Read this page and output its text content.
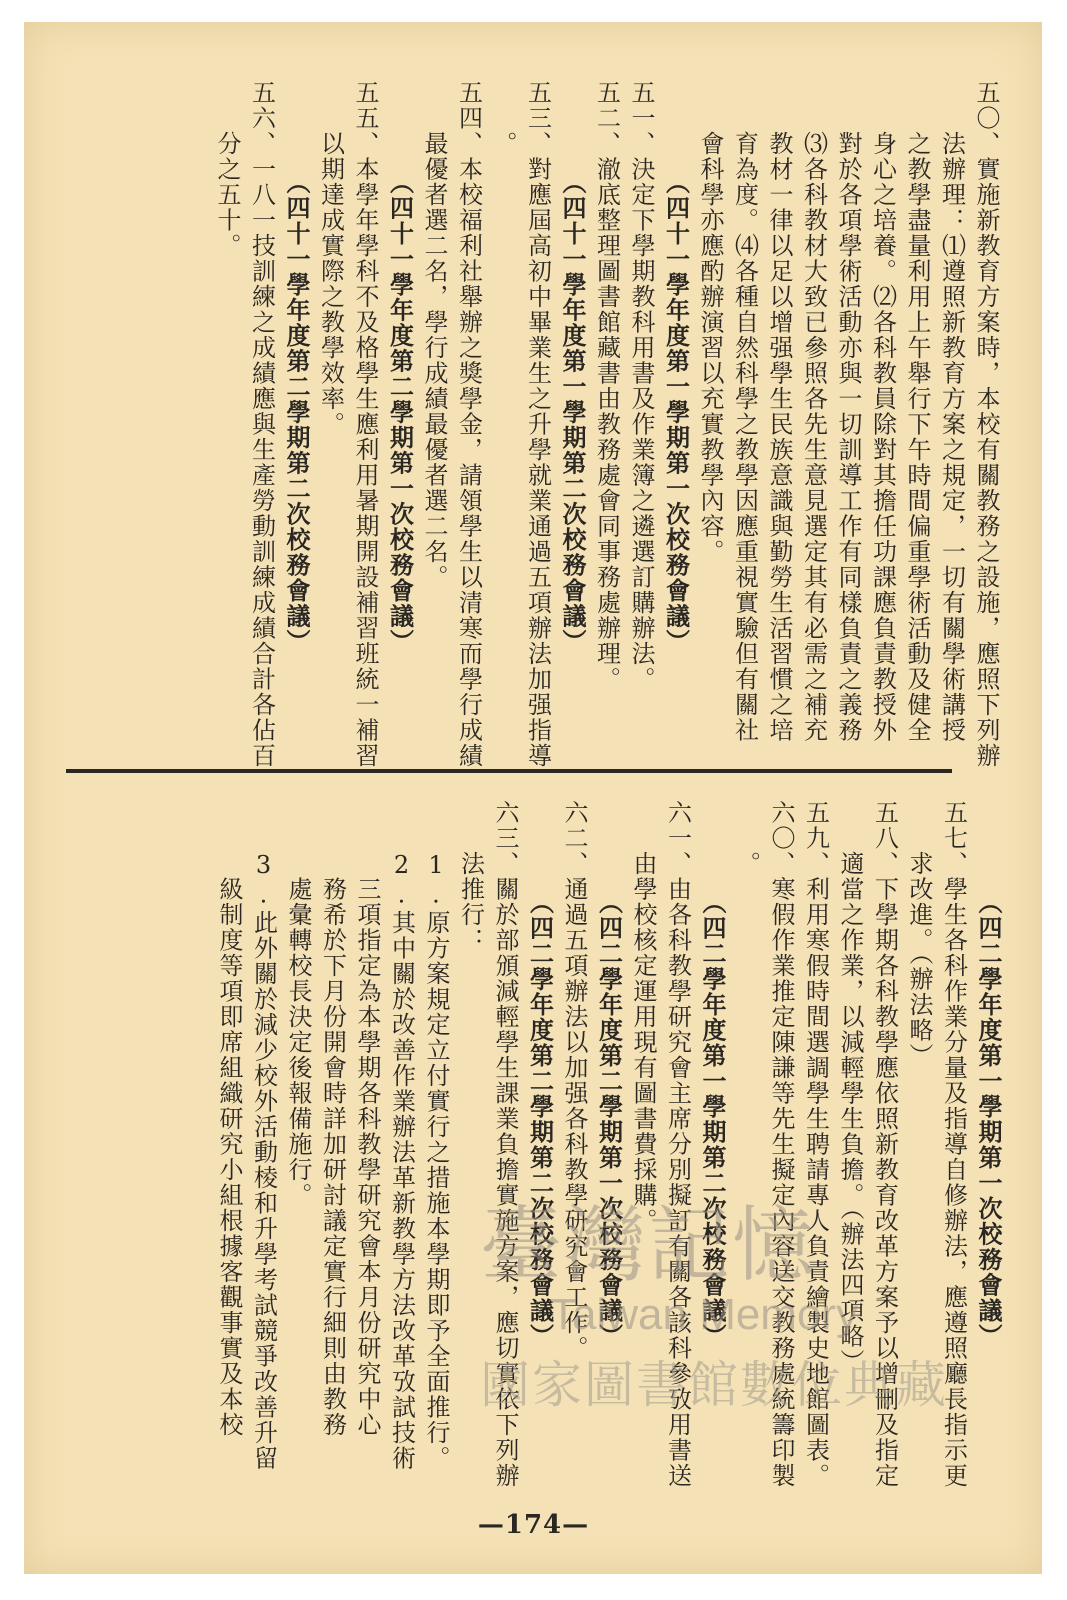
五〇、實施新教育方案時，本校有關教務之設施，應照下列辦
　　法辦理：⑴遵照新教育方案之規定，一切有關學術講授
　　之教學盡量利用上午舉行下午時間偏重學術活動及健全
　　身心之培養。⑵各科教員除對其擔任功課應負責教授外
　　對於各項學術活動亦與一切訓導工作有同樣負責之義務
　　⑶各科教材大致已參照各先生意見選定其有必需之補充
　　教材一律以足以增强學生民族意識與勤勞生活習慣之培
　　育為度。⑷各種自然科學之教學因應重視實驗但有關社
　　會科學亦應酌辦演習以充實教學內容。
　　　　（四十一學年度第一學期第一次校務會議）
五一、決定下學期教科用書及作業簿之遴選訂購辦法。
五二、澈底整理圖書館藏書由教務處會同事務處辦理。
　　　　（四十一學年度第一學期第二次校務會議）
五三、對應屆高初中畢業生之升學就業通過五項辦法加强指導
　　。
五四、本校福利社舉辦之獎學金，請領學生以清寒而學行成績
　　最優者選二名，學行成績最優者選二名。
　　　　（四十一學年度第二學期第一次校務會議）
五五、本學年學科不及格學生應利用暑期開設補習班統一補習
　　以期達成實際之教學效率。
　　　　（四十一學年度第二學期第二次校務會議）
五六、一八一技訓練之成績應與生產勞動訓練成績合計各佔百
　　分之五十。
　　　　（四二學年度第一學期第一次校務會議）
五七、學生各科作業分量及指導自修辦法，應遵照廳長指示更
　　求改進。（辦法略）
五八、下學期各科教學應依照新教育改革方案予以增刪及指定
　　適當之作業，以減輕學生負擔。（辦法四項略）
五九、利用寒假時間選調學生聘請專人負責繪製史地館圖表。
六〇、寒假作業推定陳謙等先生擬定內容送交教務處統籌印製
　　。
　　　　（四二學年度第一學期第二次校務會議）
六一、由各科教學研究會主席分別擬訂有關各該科參攷用書送
　　由學校核定運用現有圖書費採購。
　　　　（四二學年度第二學期第一次校務會議）
六二、通過五項辦法以加强各科教學研究會工作。
　　　　（四二學年度第二學期第二次校務會議）
六三、關於部頒減輕學生課業負擔實施方案，應切實依下列辦
　　法推行：
　　1.原方案規定立付實行之措施本學期即予全面推行。
　　2.其中關於改善作業辦法革新教學方法改革攷試技術
　　　三項指定為本學期各科教學研究會本月份研究中心
　　　務希於下月份開會時詳加研討議定實行細則由教務
　　　處彙轉校長決定後報備施行。
　　3.此外關於減少校外活動棱和升學考試競爭改善升留
　　　級制度等項即席組織研究小組根據客觀事實及本校	臺灣記憶
Taiwan Memory
國家圖書館數位典藏
—174—
